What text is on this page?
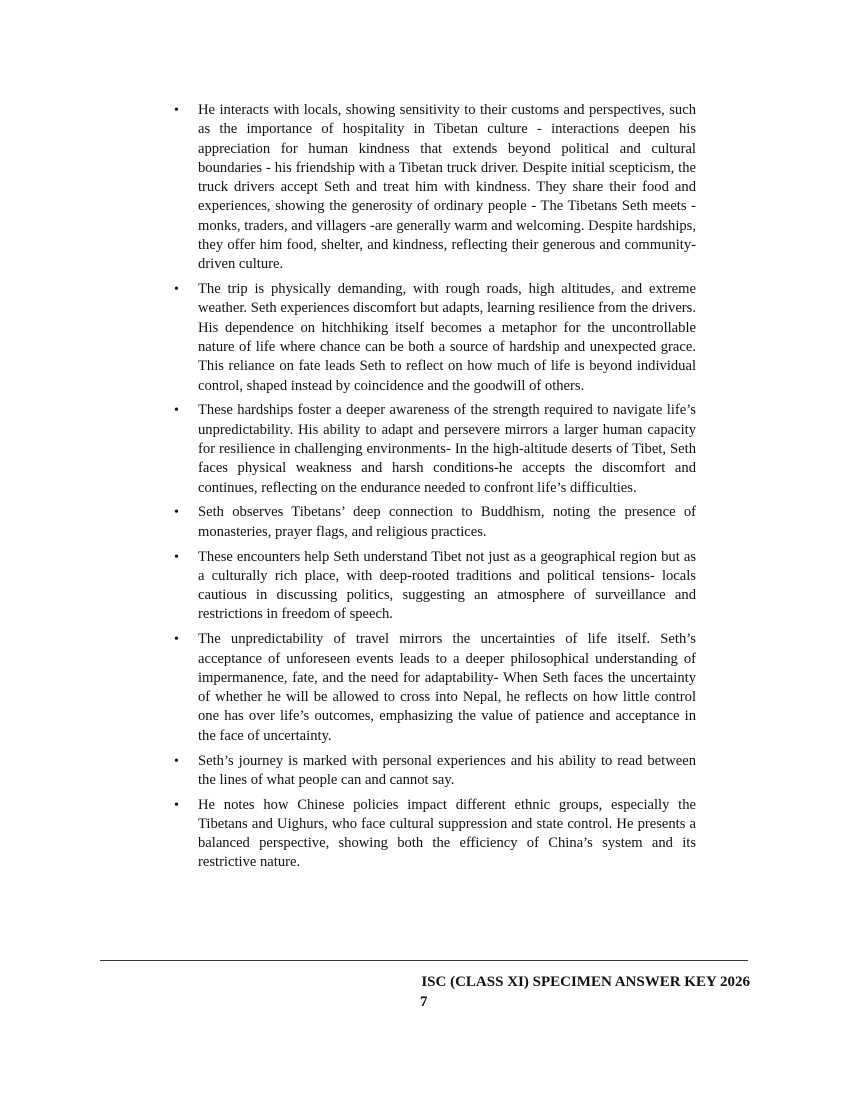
• He interacts with locals, showing sensitivity to their customs and perspectives, such as the importance of hospitality in Tibetan culture - interactions deepen his appreciation for human kindness that extends beyond political and cultural boundaries - his friendship with a Tibetan truck driver. Despite initial scepticism, the truck drivers accept Seth and treat him with kindness. They share their food and experiences, showing the generosity of ordinary people - The Tibetans Seth meets -monks, traders, and villagers -are generally warm and welcoming. Despite hardships, they offer him food, shelter, and kindness, reflecting their generous and community-driven culture.
• The trip is physically demanding, with rough roads, high altitudes, and extreme weather. Seth experiences discomfort but adapts, learning resilience from the drivers. His dependence on hitchhiking itself becomes a metaphor for the uncontrollable nature of life where chance can be both a source of hardship and unexpected grace. This reliance on fate leads Seth to reflect on how much of life is beyond individual control, shaped instead by coincidence and the goodwill of others.
• These hardships foster a deeper awareness of the strength required to navigate life’s unpredictability. His ability to adapt and persevere mirrors a larger human capacity for resilience in challenging environments- In the high-altitude deserts of Tibet, Seth faces physical weakness and harsh conditions-he accepts the discomfort and continues, reflecting on the endurance needed to confront life’s difficulties.
• Seth observes Tibetans’ deep connection to Buddhism, noting the presence of monasteries, prayer flags, and religious practices.
• These encounters help Seth understand Tibet not just as a geographical region but as a culturally rich place, with deep-rooted traditions and political tensions- locals cautious in discussing politics, suggesting an atmosphere of surveillance and restrictions in freedom of speech.
• The unpredictability of travel mirrors the uncertainties of life itself. Seth’s acceptance of unforeseen events leads to a deeper philosophical understanding of impermanence, fate, and the need for adaptability- When Seth faces the uncertainty of whether he will be allowed to cross into Nepal, he reflects on how little control one has over life’s outcomes, emphasizing the value of patience and acceptance in the face of uncertainty.
• Seth’s journey is marked with personal experiences and his ability to read between the lines of what people can and cannot say.
• He notes how Chinese policies impact different ethnic groups, especially the Tibetans and Uighurs, who face cultural suppression and state control. He presents a balanced perspective, showing both the efficiency of China’s system and its restrictive nature.
ISC (CLASS XI) SPECIMEN ANSWER KEY 2026
7
